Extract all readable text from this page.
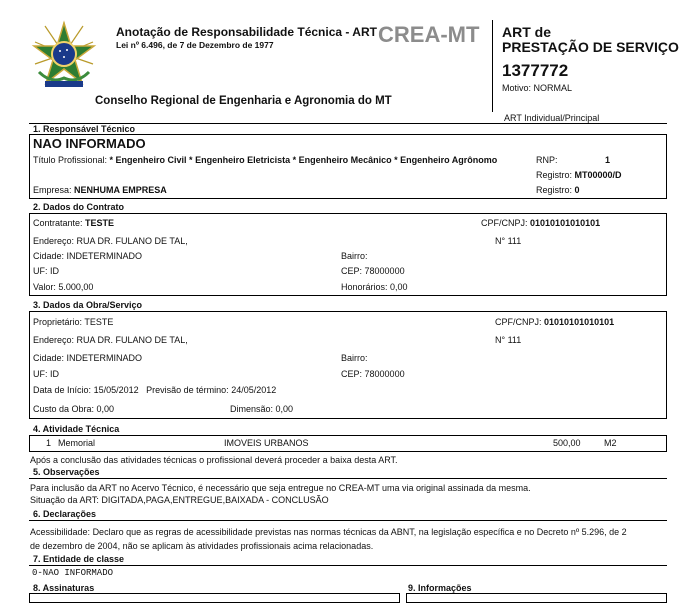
Anotação de Responsabilidade Técnica - ART
Lei nº 6.496, de 7 de Dezembro de 1977	CREA-MT
Conselho Regional de Engenharia e Agronomia do MT
ART de
PRESTAÇÃO DE SERVIÇO
1377772
Motivo: NORMAL
ART Individual/Principal
1. Responsável Técnico
NAO INFORMADO
Título Profissional: * Engenheiro Civil * Engenheiro Eletricista * Engenheiro Mecânico * Engenheiro Agrônomo	RNP:	1
Registro: MT00000/D
Empresa: NENHUMA EMPRESA	Registro: 0
2. Dados do Contrato
Contratante: TESTE	CPF/CNPJ: 01010101010101
Endereço: RUA DR. FULANO DE TAL,	N° 111
Cidade: INDETERMINADO	Bairro:
UF: ID	CEP: 78000000
Valor: 5.000,00	Honorários: 0,00
3. Dados da Obra/Serviço
Proprietário: TESTE	CPF/CNPJ: 01010101010101
Endereço: RUA DR. FULANO DE TAL,	N° 111
Cidade: INDETERMINADO	Bairro:
UF: ID	CEP: 78000000
Data de Início: 15/05/2012 Previsão de término: 24/05/2012
Custo da Obra: 0,00	Dimensão: 0,00
4. Atividade Técnica
1 Memorial	IMOVEIS URBANOS	500,00	M2
Após a conclusão das atividades técnicas o profissional deverá proceder a baixa desta ART.
5. Observações
Para inclusão da ART no Acervo Técnico, é necessário que seja entregue no CREA-MT uma via original assinada da mesma.
Situação da ART: DIGITADA,PAGA,ENTREGUE,BAIXADA - CONCLUSÃO
6. Declarações
Acessibilidade: Declaro que as regras de acessibilidade previstas nas normas técnicas da ABNT, na legislação específica e no Decreto nº 5.296, de 2
de dezembro de 2004, não se aplicam às atividades profissionais acima relacionadas.
7. Entidade de classe
0-NAO INFORMADO
8. Assinaturas	9. Informações
